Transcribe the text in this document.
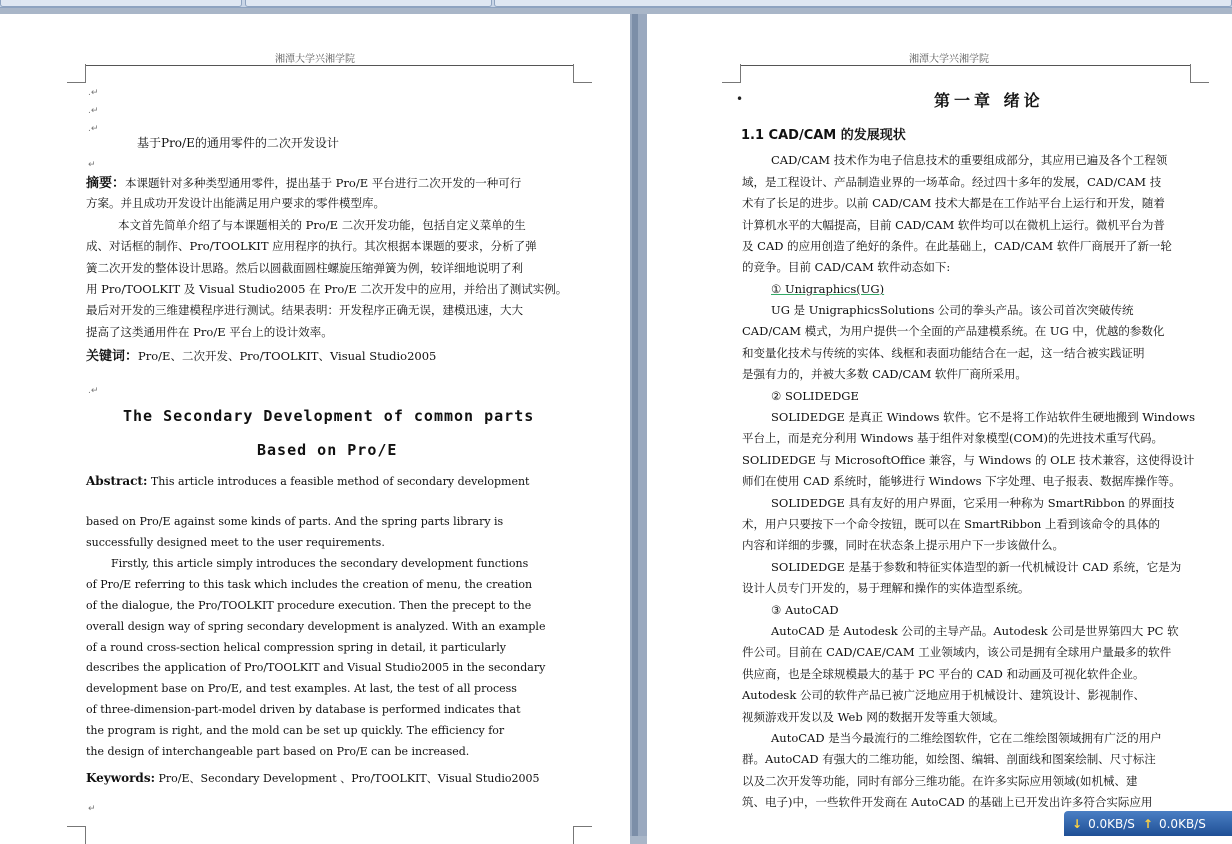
湘潭大学兴湘学院
.↵
.↵
.↵
基于Pro/E的通用零件的二次开发设计
↵
摘要：本课题针对多种类型通用零件，提出基于 Pro/E 平台进行二次开发的一种可行
方案。并且成功开发设计出能满足用户要求的零件模型库。
本文首先简单介绍了与本课题相关的 Pro/E 二次开发功能，包括自定义菜单的生
成、对话框的制作、Pro/TOOLKIT 应用程序的执行。其次根据本课题的要求，分析了弹
簧二次开发的整体设计思路。然后以圆截面圆柱螺旋压缩弹簧为例，较详细地说明了利
用 Pro/TOOLKIT 及 Visual Studio2005 在 Pro/E 二次开发中的应用，并给出了测试实例。
最后对开发的三维建模程序进行测试。结果表明：开发程序正确无误，建模迅速，大大
提高了这类通用件在 Pro/E 平台上的设计效率。
关键词：Pro/E、二次开发、Pro/TOOLKIT、Visual Studio2005
.↵
The Secondary Development of common parts
Based on Pro/E
Abstract: This article introduces a feasible method of secondary development
based on Pro/E against some kinds of parts. And the spring parts library is
successfully designed meet to the user requirements.
Firstly, this article simply introduces the secondary development functions
of Pro/E referring to this task which includes the creation of menu, the creation
of the dialogue, the Pro/TOOLKIT procedure execution. Then the precept to the
overall design way of spring secondary development is analyzed. With an example
of a round cross-section helical compression spring in detail, it particularly
describes the application of Pro/TOOLKIT and Visual Studio2005 in the secondary
development base on Pro/E, and test examples. At last, the test of all process
of three-dimension-part-model driven by database is performed indicates that
the program is right, and the mold can be set up quickly. The efficiency for
the design of interchangeable part based on Pro/E can be increased.
Keywords: Pro/E、Secondary Development 、Pro/TOOLKIT、Visual Studio2005
↵
湘潭大学兴湘学院
•	第一章 绪论
1.1 CAD/CAM 的发展现状
CAD/CAM 技术作为电子信息技术的重要组成部分，其应用已遍及各个工程领
域，是工程设计、产品制造业界的一场革命。经过四十多年的发展，CAD/CAM 技
术有了长足的进步。以前 CAD/CAM 技术大都是在工作站平台上运行和开发，随着
计算机水平的大幅提高，目前 CAD/CAM 软件均可以在微机上运行。微机平台为普
及 CAD 的应用创造了绝好的条件。在此基础上，CAD/CAM 软件厂商展开了新一轮
的竞争。目前 CAD/CAM 软件动态如下:
① Unigraphics(UG)
UG 是 UnigraphicsSolutions 公司的拳头产品。该公司首次突破传统
CAD/CAM 模式，为用户提供一个全面的产品建模系统。在 UG 中，优越的参数化
和变量化技术与传统的实体、线框和表面功能结合在一起，这一结合被实践证明
是强有力的，并被大多数 CAD/CAM 软件厂商所采用。
② SOLIDEDGE
SOLIDEDGE 是真正 Windows 软件。它不是将工作站软件生硬地搬到 Windows
平台上，而是充分利用 Windows 基于组件对象模型(COM)的先进技术重写代码。
SOLIDEDGE 与 MicrosoftOffice 兼容，与 Windows 的 OLE 技术兼容，这使得设计
师们在使用 CAD 系统时，能够进行 Windows 下字处理、电子报表、数据库操作等。
SOLIDEDGE 具有友好的用户界面，它采用一种称为 SmartRibbon 的界面技
术，用户只要按下一个命令按钮，既可以在 SmartRibbon 上看到该命令的具体的
内容和详细的步骤，同时在状态条上提示用户下一步该做什么。
SOLIDEDGE 是基于参数和特征实体造型的新一代机械设计 CAD 系统，它是为
设计人员专门开发的，易于理解和操作的实体造型系统。
③ AutoCAD
AutoCAD 是 Autodesk 公司的主导产品。Autodesk 公司是世界第四大 PC 软
件公司。目前在 CAD/CAE/CAM 工业领域内，该公司是拥有全球用户量最多的软件
供应商，也是全球规模最大的基于 PC 平台的 CAD 和动画及可视化软件企业。
Autodesk 公司的软件产品已被广泛地应用于机械设计、建筑设计、影视制作、
视频游戏开发以及 Web 网的数据开发等重大领域。
AutoCAD 是当今最流行的二维绘图软件，它在二维绘图领域拥有广泛的用户
群。AutoCAD 有强大的二维功能，如绘图、编辑、剖面线和图案绘制、尺寸标注
以及二次开发等功能，同时有部分三维功能。在许多实际应用领域(如机械、建
筑、电子)中，一些软件开发商在 AutoCAD 的基础上已开发出许多符合实际应用
↓ 0.0KB/S ↑ 0.0KB/S
